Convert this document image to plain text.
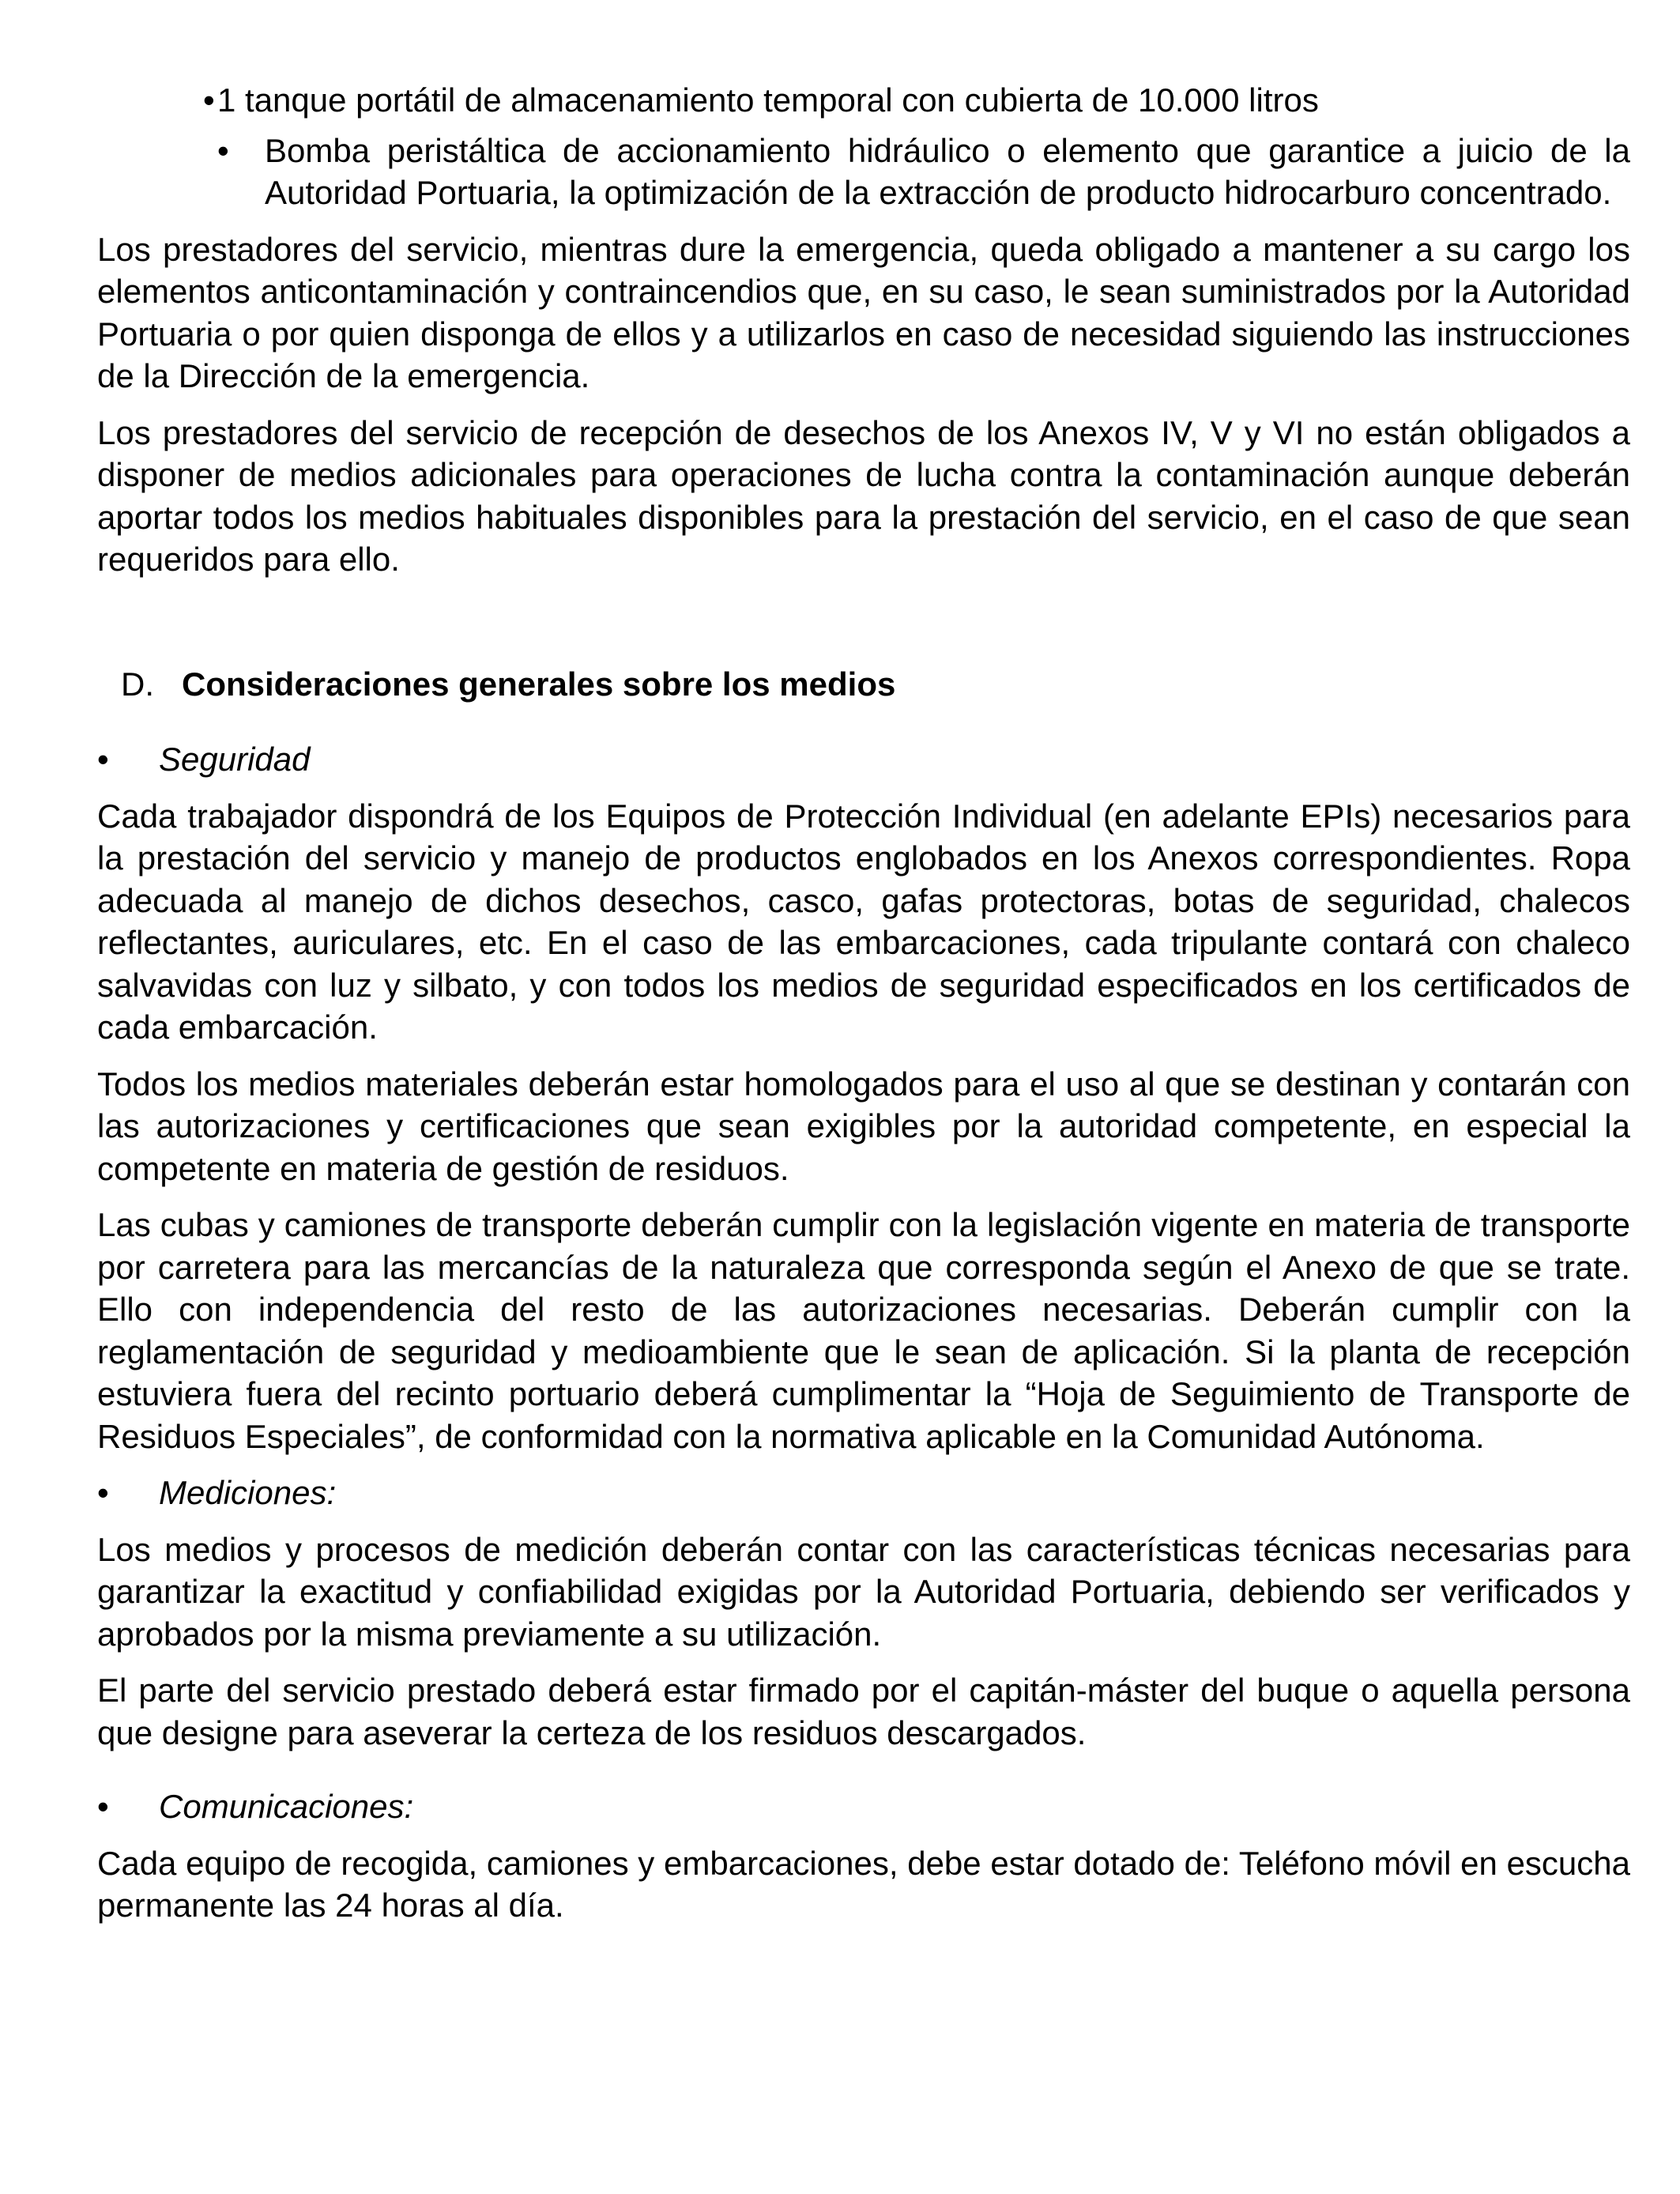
• 1 tanque portátil de almacenamiento temporal con cubierta de 10.000 litros

• Bomba peristáltica de accionamiento hidráulico o elemento que garantice a juicio de la Autoridad Portuaria, la optimización de la extracción de producto hidrocarburo concentrado.

Los prestadores del servicio, mientras dure la emergencia, queda obligado a mantener a su cargo los elementos anticontaminación y contraincendios que, en su caso, le sean suministrados por la Autoridad Portuaria o por quien disponga de ellos y a utilizarlos en caso de necesidad siguiendo las instrucciones de la Dirección de la emergencia.

Los prestadores del servicio de recepción de desechos de los Anexos IV, V y VI no están obligados a disponer de medios adicionales para operaciones de lucha contra la contaminación aunque deberán aportar todos los medios habituales disponibles para la prestación del servicio, en el caso de que sean requeridos para ello.

D. Consideraciones generales sobre los medios
• Seguridad

Cada trabajador dispondrá de los Equipos de Protección Individual (en adelante EPIs) necesarios para la prestación del servicio y manejo de productos englobados en los Anexos correspondientes. Ropa adecuada al manejo de dichos desechos, casco, gafas protectoras, botas de seguridad, chalecos reflectantes, auriculares, etc. En el caso de las embarcaciones, cada tripulante contará con chaleco salvavidas con luz y silbato, y con todos los medios de seguridad especificados en los certificados de cada embarcación.

Todos los medios materiales deberán estar homologados para el uso al que se destinan y contarán con las autorizaciones y certificaciones que sean exigibles por la autoridad competente, en especial la competente en materia de gestión de residuos.

Las cubas y camiones de transporte deberán cumplir con la legislación vigente en materia de transporte por carretera para las mercancías de la naturaleza que corresponda según el Anexo de que se trate. Ello con independencia del resto de las autorizaciones necesarias. Deberán cumplir con la reglamentación de seguridad y medioambiente que le sean de aplicación. Si la planta de recepción estuviera fuera del recinto portuario deberá cumplimentar la “Hoja de Seguimiento de Transporte de Residuos Especiales”, de conformidad con la normativa aplicable en la Comunidad Autónoma.

• Mediciones:

Los medios y procesos de medición deberán contar con las características técnicas necesarias para garantizar la exactitud y confiabilidad exigidas por la Autoridad Portuaria, debiendo ser verificados y aprobados por la misma previamente a su utilización.

El parte del servicio prestado deberá estar firmado por el capitán-máster del buque o aquella persona que designe para aseverar la certeza de los residuos descargados.

• Comunicaciones:

Cada equipo de recogida, camiones y embarcaciones, debe estar dotado de: Teléfono móvil en escucha permanente las 24 horas al día.
